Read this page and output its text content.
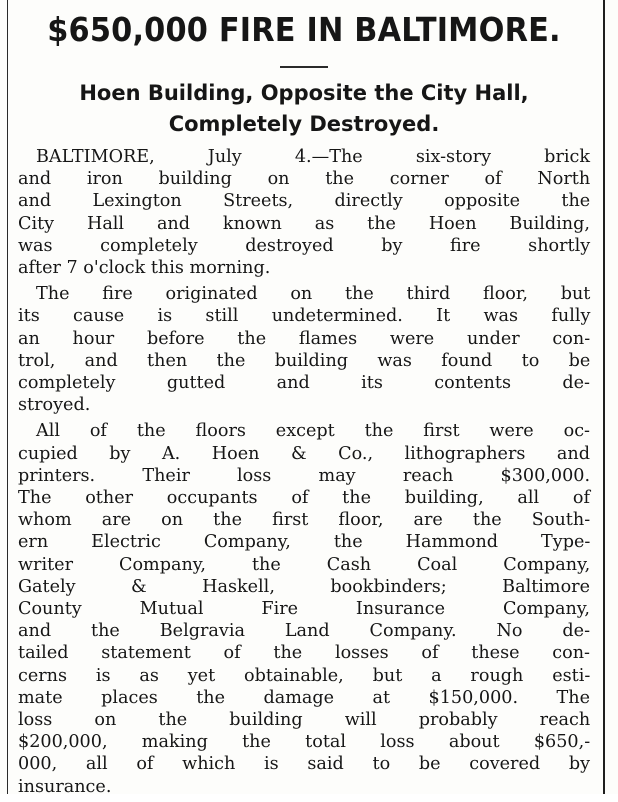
$650,000 FIRE IN BALTIMORE.
Hoen Building, Opposite the City Hall,
Completely Destroyed.
BALTIMORE, July 4.—The six-story brick
and iron building on the corner of North
and Lexington Streets, directly opposite the
City Hall and known as the Hoen Building,
was completely destroyed by fire shortly
after 7 o'clock this morning.
The fire originated on the third floor, but
its cause is still undetermined. It was fully
an hour before the flames were under con-
trol, and then the building was found to be
completely gutted and its contents de-
stroyed.
All of the floors except the first were oc-
cupied by A. Hoen & Co., lithographers and
printers. Their loss may reach $300,000.
The other occupants of the building, all of
whom are on the first floor, are the South-
ern Electric Company, the Hammond Type-
writer Company, the Cash Coal Company,
Gately & Haskell, bookbinders; Baltimore
County Mutual Fire Insurance Company,
and the Belgravia Land Company. No de-
tailed statement of the losses of these con-
cerns is as yet obtainable, but a rough esti-
mate places the damage at $150,000. The
loss on the building will probably reach
$200,000, making the total loss about $650,-
000, all of which is said to be covered by
insurance.
